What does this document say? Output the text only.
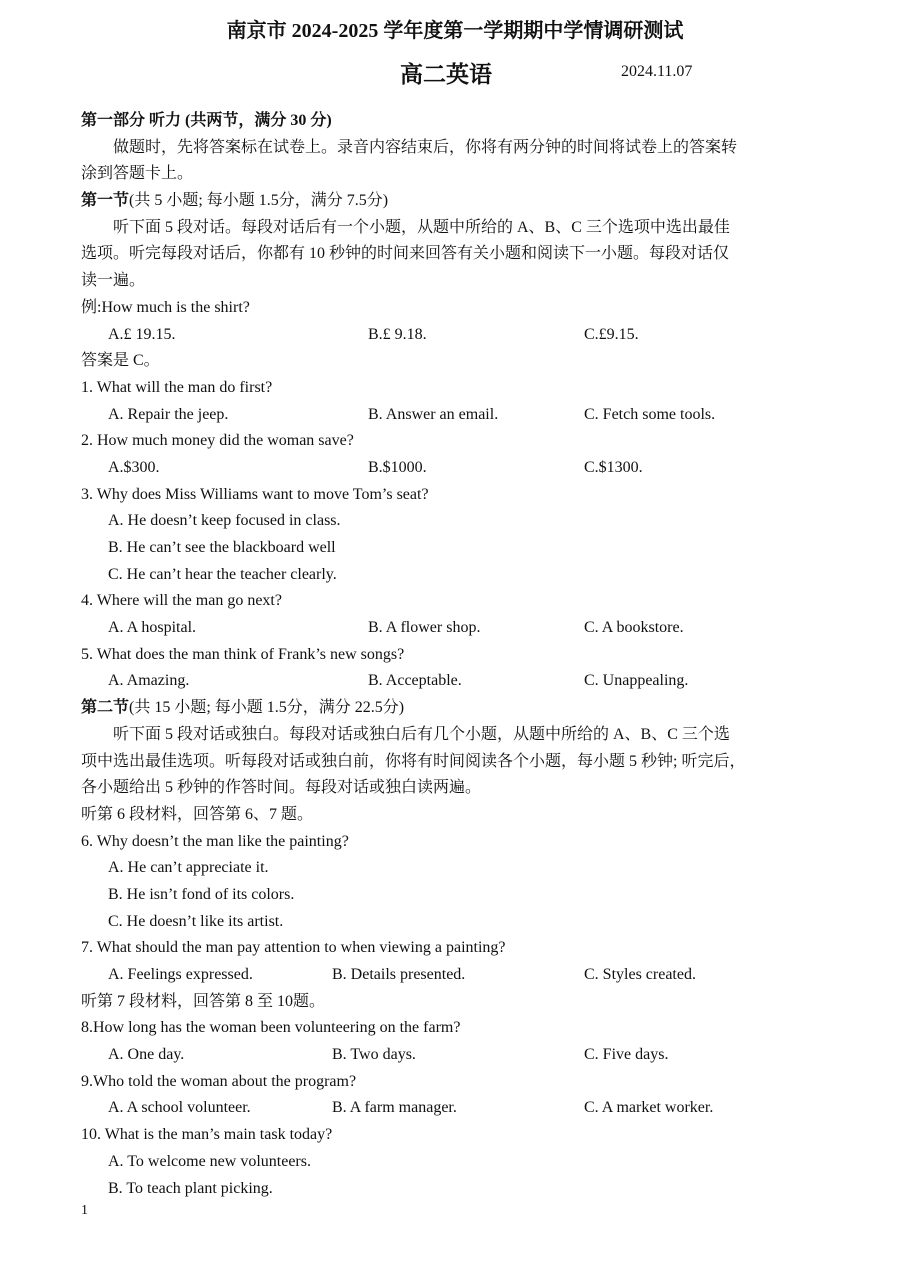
南京市 2024-2025 学年度第一学期期中学情调研测试
高二英语	2024.11.07
第一部分 听力 (共两节，满分 30 分)
做题时，先将答案标在试卷上。录音内容结束后，你将有两分钟的时间将试卷上的答案转
涂到答题卡上。
第一节(共 5 小题; 每小题 1.5分，满分 7.5分)
听下面 5 段对话。每段对话后有一个小题，从题中所给的 A、B、C 三个选项中选出最佳
选项。听完每段对话后，你都有 10 秒钟的时间来回答有关小题和阅读下一小题。每段对话仅
读一遍。
例:How much is the shirt?
A.£ 19.15.	B.£ 9.18.	C.£9.15.
答案是 C。
1. What will the man do first?
A. Repair the jeep.	B. Answer an email.	C. Fetch some tools.
2. How much money did the woman save?
A.$300.	B.$1000.	C.$1300.
3. Why does Miss Williams want to move Tom’s seat?
A. He doesn’t keep focused in class.
B. He can’t see the blackboard well
C. He can’t hear the teacher clearly.
4. Where will the man go next?
A. A hospital.	B. A flower shop.	C. A bookstore.
5. What does the man think of Frank’s new songs?
A. Amazing.	B. Acceptable.	C. Unappealing.
第二节(共 15 小题; 每小题 1.5分，满分 22.5分)
听下面 5 段对话或独白。每段对话或独白后有几个小题，从题中所给的 A、B、C 三个选
项中选出最佳选项。听每段对话或独白前，你将有时间阅读各个小题，每小题 5 秒钟; 听完后，
各小题给出 5 秒钟的作答时间。每段对话或独白读两遍。
听第 6 段材料，回答第 6、7 题。
6. Why doesn’t the man like the painting?
A. He can’t appreciate it.
B. He isn’t fond of its colors.
C. He doesn’t like its artist.
7. What should the man pay attention to when viewing a painting?
A. Feelings expressed.	B. Details presented.	C. Styles created.
听第 7 段材料，回答第 8 至 10题。
8.How long has the woman been volunteering on the farm?
A. One day.	B. Two days.	C. Five days.
9.Who told the woman about the program?
A. A school volunteer.	B. A farm manager.	C. A market worker.
10. What is the man’s main task today?
A. To welcome new volunteers.
B. To teach plant picking.
1
